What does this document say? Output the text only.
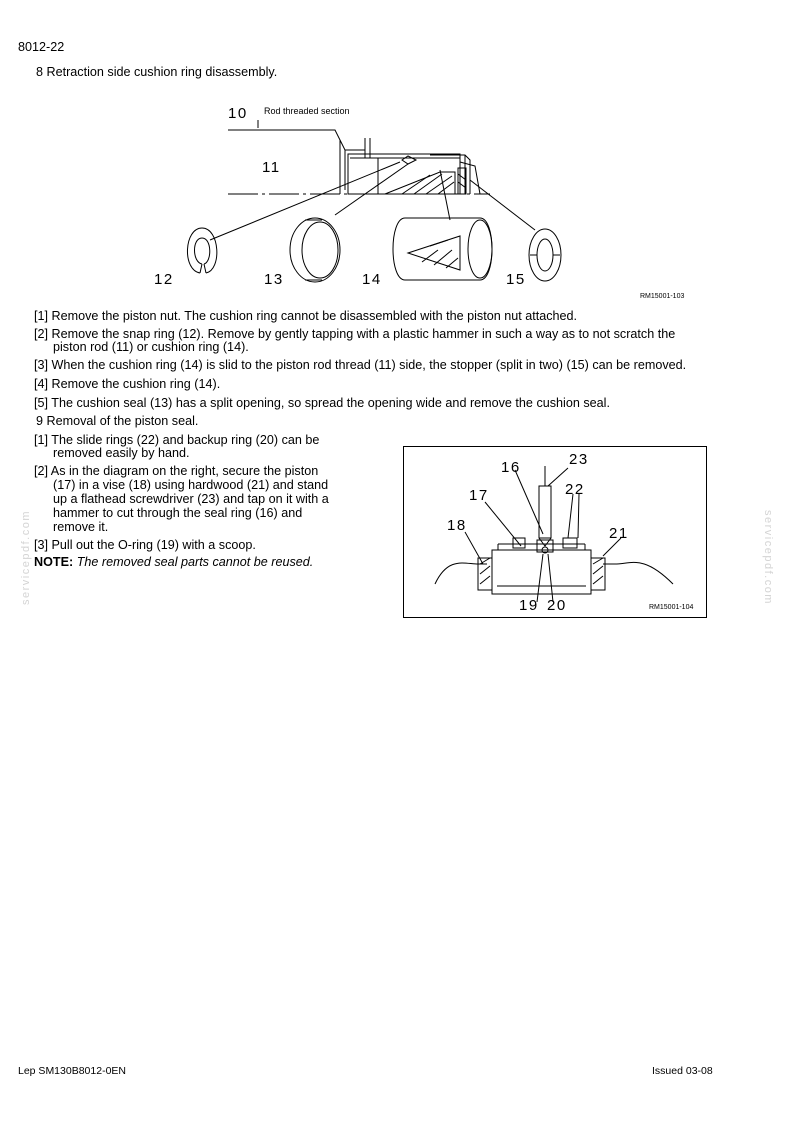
8012-22
8 Retraction side cushion ring disassembly.
10 Rod threaded section
11
12	13	14	15
RM15001-103
[1] Remove the piston nut. The cushion ring cannot be disassembled with the piston nut attached.
[2] Remove the snap ring (12). Remove by gently tapping with a plastic hammer in such a way as to not scratch the
piston rod (11) or cushion ring (14).
[3] When the cushion ring (14) is slid to the piston rod thread (11) side, the stopper (split in two) (15) can be removed.
[4] Remove the cushion ring (14).
[5] The cushion seal (13) has a split opening, so spread the opening wide and remove the cushion seal.
9 Removal of the piston seal.
[1] The slide rings (22) and backup ring (20) can be
removed easily by hand.
[2] As in the diagram on the right, secure the piston
(17) in a vise (18) using hardwood (21) and stand
up a flathead screwdriver (23) and tap on it with a
hammer to cut through the seal ring (16) and
remove it.
[3] Pull out the O-ring (19) with a scoop.
NOTE: The removed seal parts cannot be reused.
16	23
17	22
18	21
19 20	RM15001-104
servicepdf.com	servicepdf.com
Lep SM130B8012-0EN	Issued 03-08
